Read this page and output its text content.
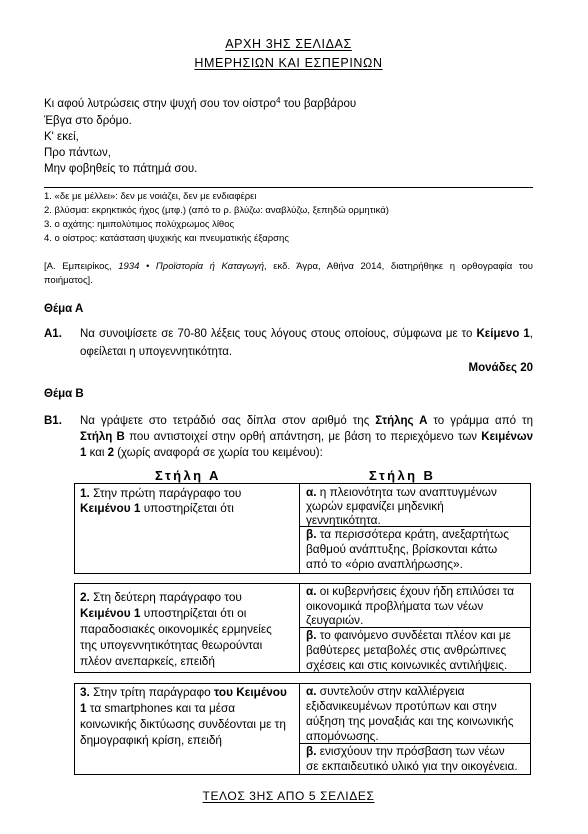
ΑΡΧΗ 3ΗΣ ΣΕΛΙΔΑΣ
ΗΜΕΡΗΣΙΩΝ ΚΑΙ ΕΣΠΕΡΙΝΩΝ
Κι αφού λυτρώσεις στην ψυχή σου τον οίστρο$^4$ του βαρβάρου
Έβγα στο δρόμο.
Κ' εκεί,
Προ πάντων,
Μην φοβηθείς το πάτημά σου.
1. «δε με μέλλει»: δεν με νοιάζει, δεν με ενδιαφέρει
2. βλύσμα: εκρηκτικός ήχος (μτφ.) (από το ρ. βλύζω: αναβλύζω, ξεπηδώ ορμητικά)
3. ο αχάτης: ημιπολύτιμος πολύχρωμος λίθος
4. ο οίστρος: κατάσταση ψυχικής και πνευματικής έξαρσης
[Α. Εμπειρίκος, 1934 • Προϊστορία ή Καταγωγή, εκδ. Άγρα, Αθήνα 2014, διατηρήθηκε η ορθογραφία του
ποιήματος].
Θέμα Α
Α1. Να συνοψίσετε σε 70-80 λέξεις τους λόγους στους οποίους, σύμφωνα με το Κείμενο 1,
οφείλεται η υπογεννητικότητα.
Μονάδες 20
Θέμα Β
Β1. Να γράψετε στο τετράδιό σας δίπλα στον αριθμό της Στήλης Α το γράμμα από τη
Στήλη Β που αντιστοιχεί στην ορθή απάντηση, με βάση το περιεχόμενο των Κειμένων
1 και 2 (χωρίς αναφορά σε χωρία του κειμένου):
Στήλη Α	Στήλη Β
1. Στην πρώτη παράγραφο του
Κειμένου 1 υποστηρίζεται ότι
α. η πλειονότητα των αναπτυγμένων
χωρών εμφανίζει μηδενική
γεννητικότητα.
β. τα περισσότερα κράτη, ανεξαρτήτως
βαθμού ανάπτυξης, βρίσκονται κάτω
από το «όριο αναπλήρωσης».
2. Στη δεύτερη παράγραφο του
Κειμένου 1 υποστηρίζεται ότι οι
παραδοσιακές οικονομικές ερμηνείες
της υπογεννητικότητας θεωρούνται
πλέον ανεπαρκείς, επειδή
α. οι κυβερνήσεις έχουν ήδη επιλύσει τα
οικονομικά προβλήματα των νέων
ζευγαριών.
β. το φαινόμενο συνδέεται πλέον και με
βαθύτερες μεταβολές στις ανθρώπινες
σχέσεις και στις κοινωνικές αντιλήψεις.
3. Στην τρίτη παράγραφο του Κειμένου
1 τα smartphones και τα μέσα
κοινωνικής δικτύωσης συνδέονται με τη
δημογραφική κρίση, επειδή
α. συντελούν στην καλλιέργεια
εξιδανικευμένων προτύπων και στην
αύξηση της μοναξιάς και της κοινωνικής
απομόνωσης.
β. ενισχύουν την πρόσβαση των νέων
σε εκπαιδευτικό υλικό για την οικογένεια.
ΤΕΛΟΣ 3ΗΣ ΑΠΟ 5 ΣΕΛΙΔΕΣ
